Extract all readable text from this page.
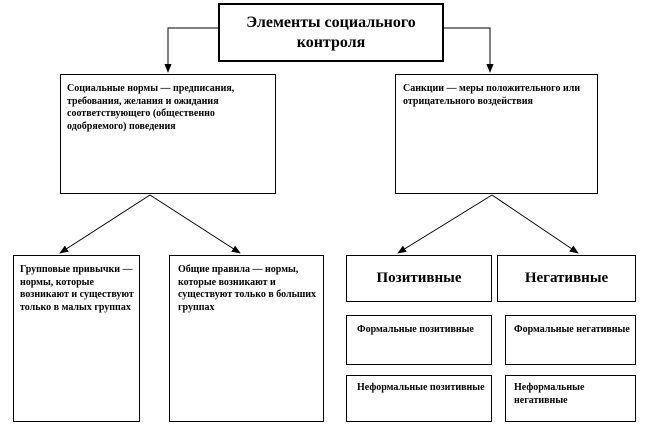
Элементы социального контроля
Социальные нормы — предписания, требования, желания и ожидания соответствующего (общественно одобряемого) поведения
Санкции — меры положительного или отрицательного воздействия
Групповые привычки — нормы, которые возникают и существуют только в малых группах
Общие правила — нормы, которые возникают и существуют только в больших группах
Позитивные	Негативные
Формальные позитивные	Формальные негативные
Неформальные позитивные	Неформальные негативные
